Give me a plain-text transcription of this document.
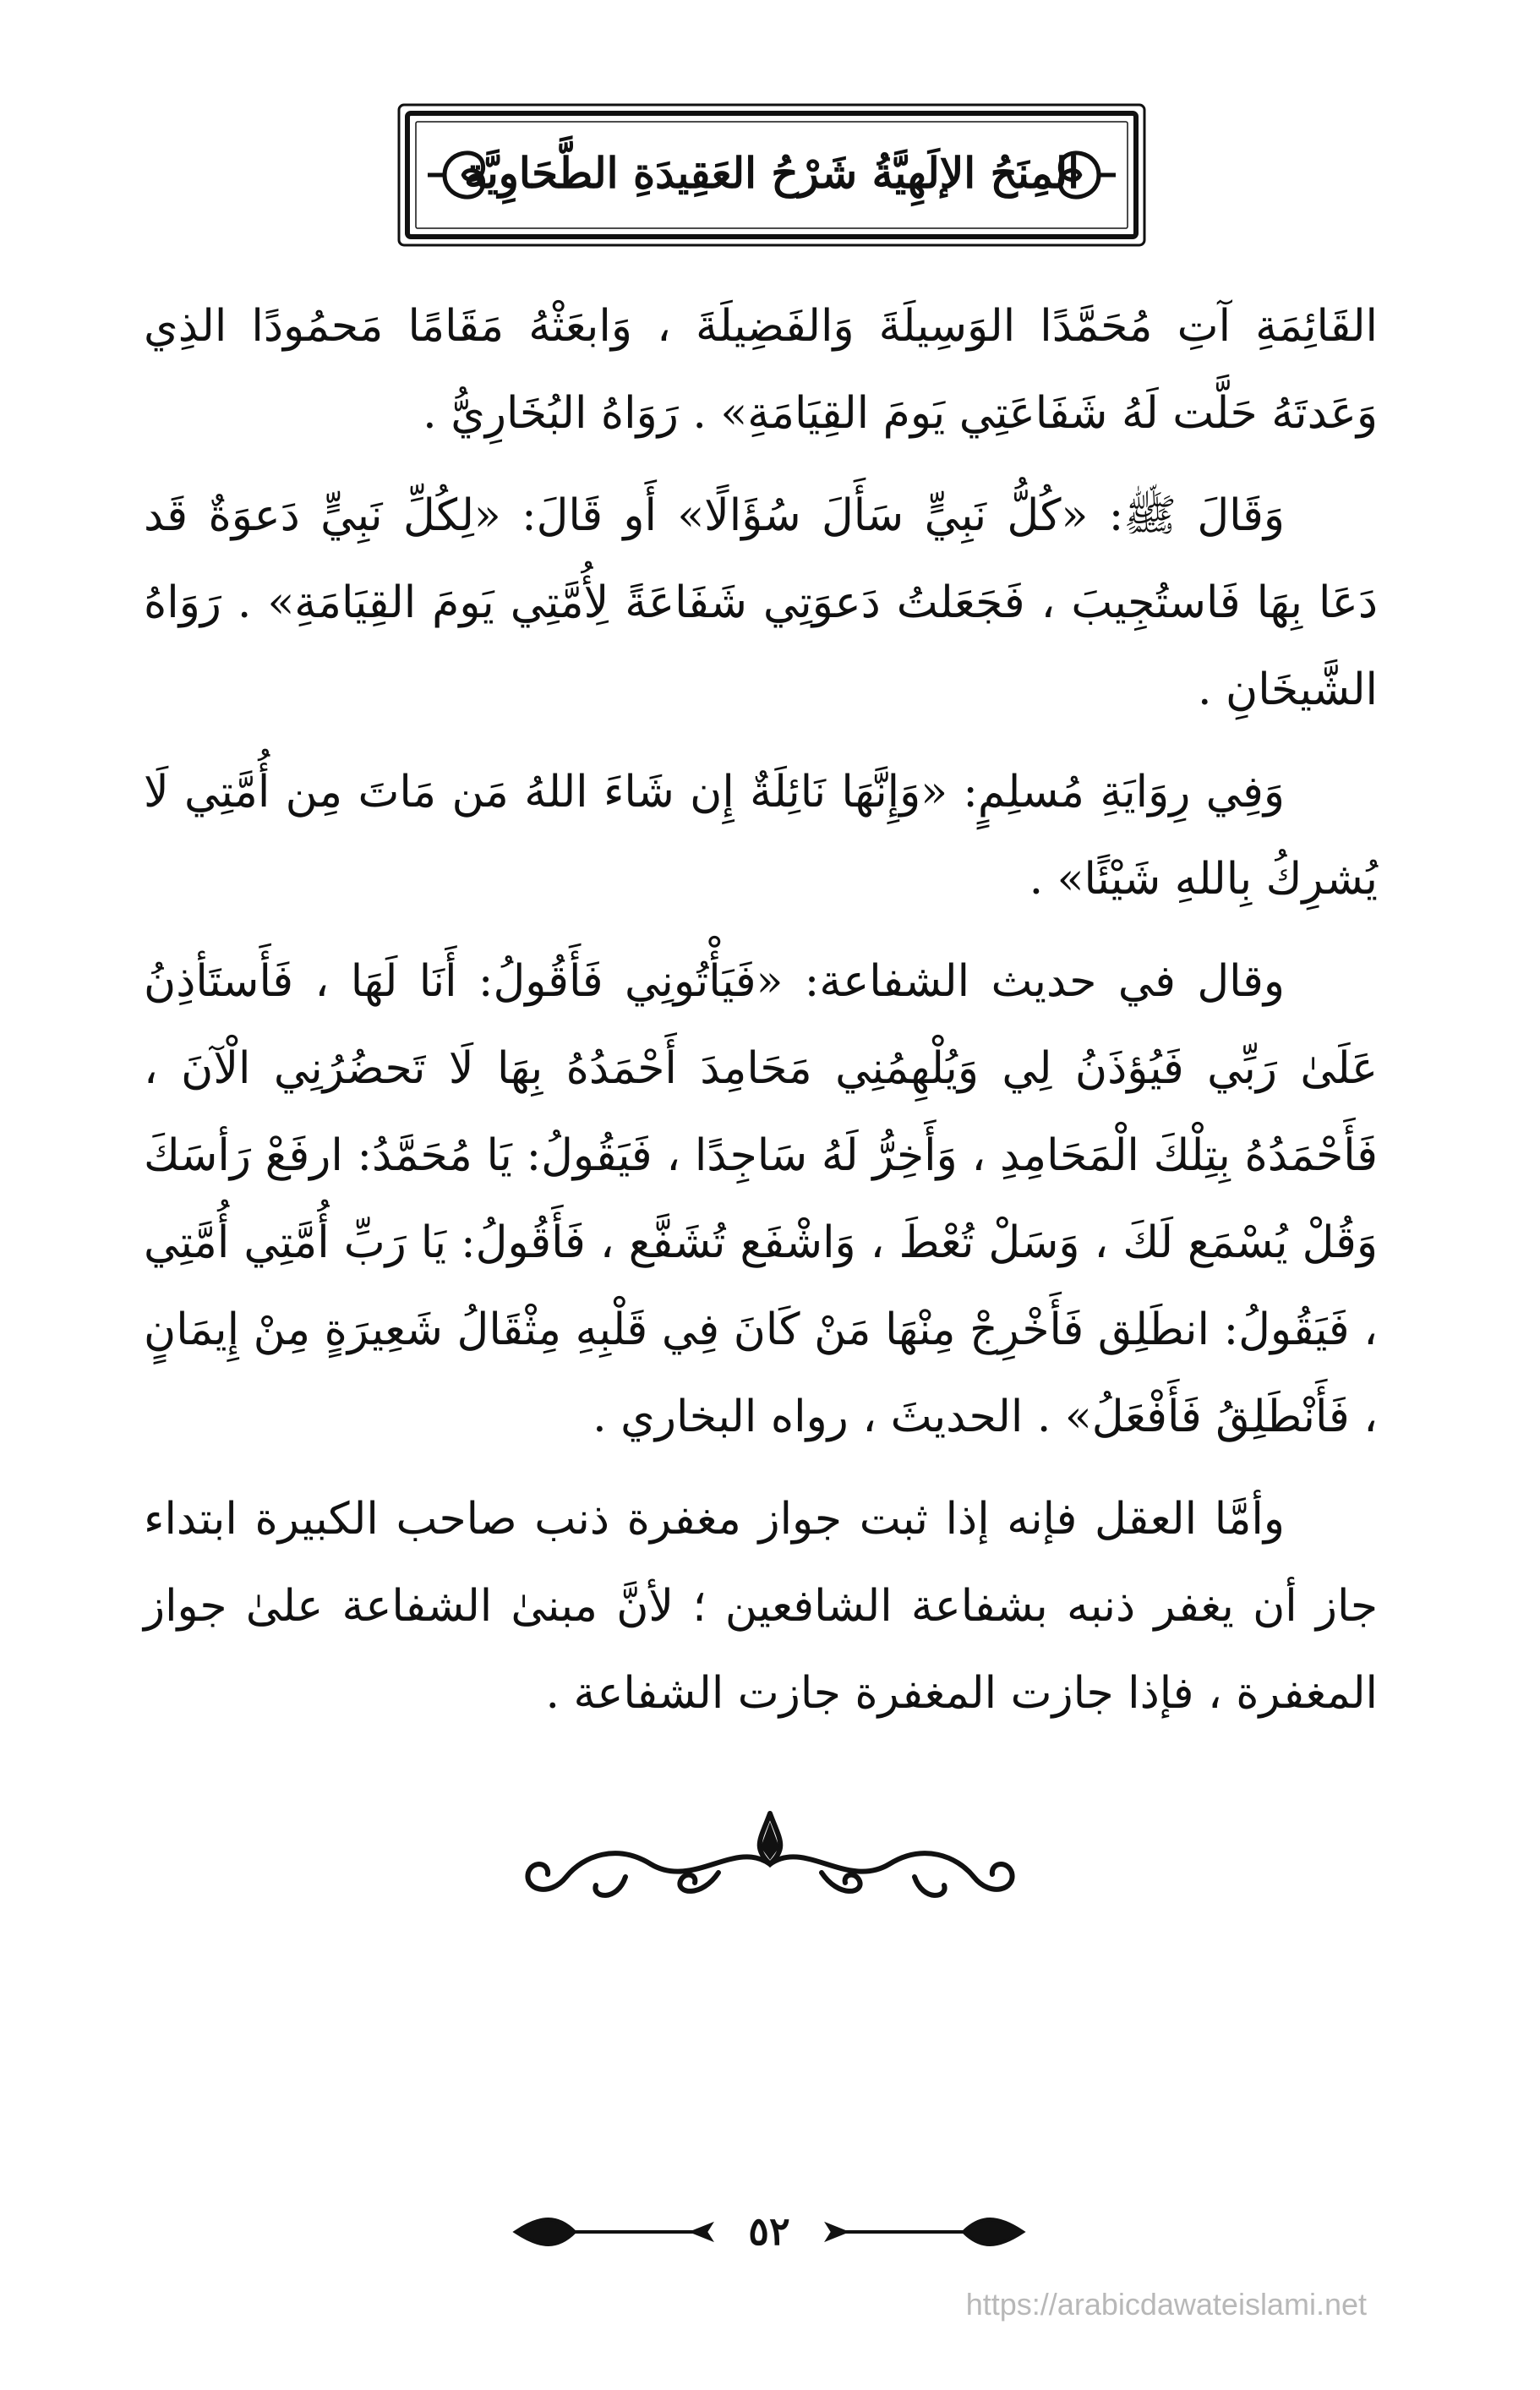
المِنَحُ الإلَهِيَّةُ شَرْحُ العَقِيدَةِ الطَّحَاوِيَّة

القَائِمَةِ آتِ مُحَمَّدًا الوَسِيلَةَ وَالفَضِيلَةَ ، وَابعَثْهُ مَقَامًا مَحمُودًا الذِي وَعَدتَهُ حَلَّت لَهُ شَفَاعَتِي يَومَ القِيَامَةِ» . رَوَاهُ البُخَارِيُّ .

وَقَالَ ﷺ: «كُلُّ نَبِيٍّ سَأَلَ سُؤَالًا» أَو قَالَ: «لِكُلِّ نَبِيٍّ دَعوَةٌ قَد دَعَا بِهَا فَاستُجِيبَ ، فَجَعَلتُ دَعوَتِي شَفَاعَةً لِأُمَّتِي يَومَ القِيَامَةِ» . رَوَاهُ الشَّيخَانِ .

وَفِي رِوَايَةِ مُسلِمٍ: «وَإِنَّهَا نَائِلَةٌ إِن شَاءَ اللهُ مَن مَاتَ مِن أُمَّتِي لَا يُشرِكُ بِاللهِ شَيْئًا» .

وقال في حديث الشفاعة: «فَيَأْتُونِي فَأَقُولُ: أَنَا لَهَا ، فَأَستَأذِنُ عَلَىٰ رَبِّي فَيُؤذَنُ لِي وَيُلْهِمُنِي مَحَامِدَ أَحْمَدُهُ بِهَا لَا تَحضُرُنِي الْآنَ ، فَأَحْمَدُهُ بِتِلْكَ الْمَحَامِدِ ، وَأَخِرُّ لَهُ سَاجِدًا ، فَيَقُولُ: يَا مُحَمَّدُ: ارفَعْ رَأسَكَ وَقُلْ يُسْمَع لَكَ ، وَسَلْ تُعْطَ ، وَاشْفَع تُشَفَّع ، فَأَقُولُ: يَا رَبِّ أُمَّتِي أُمَّتِي ، فَيَقُولُ: انطَلِق فَأَخْرِجْ مِنْهَا مَنْ كَانَ فِي قَلْبِهِ مِثْقَالُ شَعِيرَةٍ مِنْ إِيمَانٍ ، فَأَنْطَلِقُ فَأَفْعَلُ» . الحديثَ ، رواه البخاري .

وأمَّا العقل فإنه إذا ثبت جواز مغفرة ذنب صاحب الكبيرة ابتداء جاز أن يغفر ذنبه بشفاعة الشافعين ؛ لأنَّ مبنىٰ الشفاعة علىٰ جواز المغفرة ، فإذا جازت المغفرة جازت الشفاعة .

٥٢
https://arabicdawateislami.net
